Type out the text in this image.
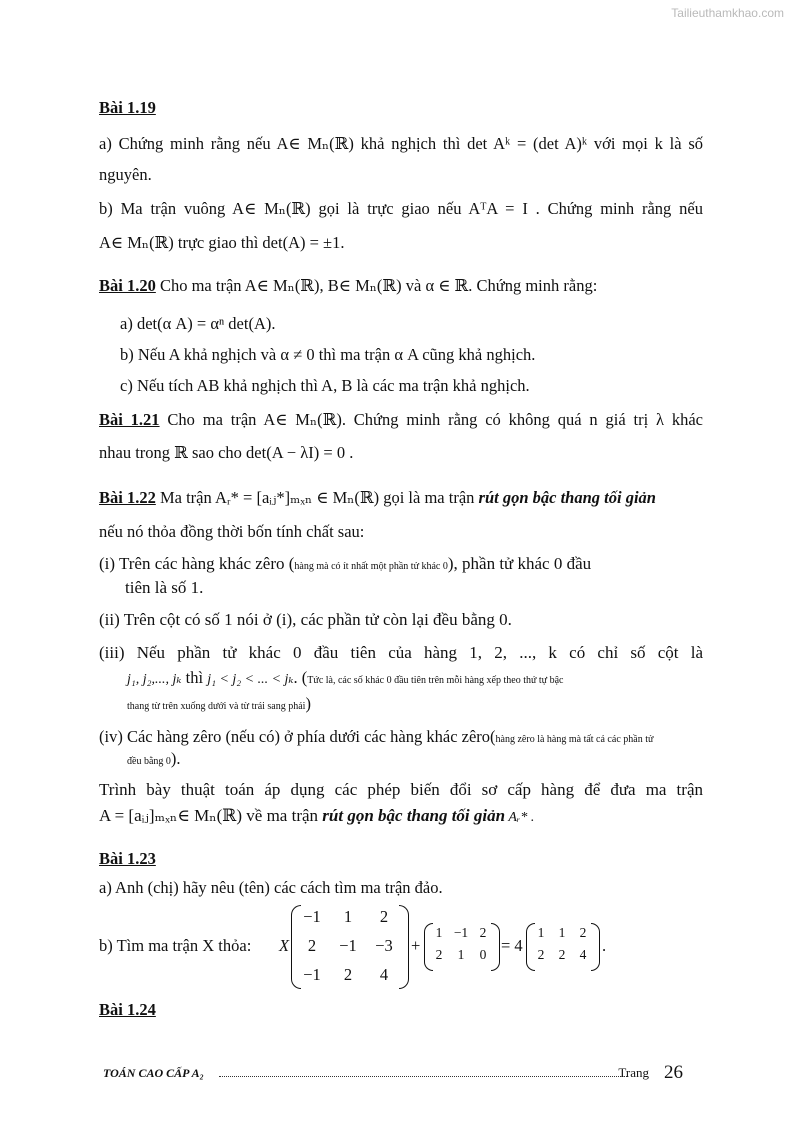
Tailieuthamkhao.com
Bài 1.19
a) Chứng minh rằng nếu A∈ Mₙ(ℝ) khả nghịch thì det Aᵏ = (det A)ᵏ với mọi k là số
nguyên.
b) Ma trận vuông A∈ Mₙ(ℝ) gọi là trực giao nếu AᵀA = I . Chứng minh rằng nếu
A∈ Mₙ(ℝ) trực giao thì det(A) = ±1.
Bài 1.20 Cho ma trận A∈ Mₙ(ℝ), B∈ Mₙ(ℝ) và α ∈ ℝ. Chứng minh rằng:
a) det(α A) = αⁿ det(A).
b) Nếu A khả nghịch và α ≠ 0 thì ma trận α A cũng khả nghịch.
c) Nếu tích AB khả nghịch thì A, B là các ma trận khả nghịch.
Bài 1.21 Cho ma trận A∈ Mₙ(ℝ). Chứng minh rằng có không quá n giá trị λ khác
nhau trong ℝ sao cho det(A − λI) = 0 .
Bài 1.22 Ma trận Aᵣ* = [aᵢⱼ*]ₘₓₙ ∈ Mₙ(ℝ) gọi là ma trận rút gọn bậc thang tối giản
nếu nó thỏa đồng thời bốn tính chất sau:
(i) Trên các hàng khác zêro (hàng mà có ít nhất một phần tử khác 0), phần tử khác 0 đầu
tiên là số 1.
(ii) Trên cột có số 1 nói ở (i), các phần tử còn lại đều bằng 0.
(iii) Nếu phần tử khác 0 đầu tiên của hàng 1, 2, ..., k có chỉ số cột là
j₁, j₂,..., jₖ thì j₁ < j₂ < ... < jₖ. (Tức là, các số khác 0 đầu tiên trên mỗi hàng xếp theo thứ tự bậc
thang từ trên xuống dưới và từ trái sang phải)
(iv) Các hàng zêro (nếu có) ở phía dưới các hàng khác zêro(hàng zêro là hàng mà tất cả các phần tử
đều bằng 0).
Trình bày thuật toán áp dụng các phép biến đổi sơ cấp hàng để đưa ma trận
A = [aᵢⱼ]ₘₓₙ∈ Mₙ(ℝ) về ma trận rút gọn bậc thang tối giản Aᵣ* .
Bài 1.23
a) Anh (chị) hãy nêu (tên) các cách tìm ma trận đảo.
b) Tìm ma trận X thỏa: X
−1	1	2
2	−1	−3
−1	2	4
+
1 −1 2
2	1	0 = 4
1	1	2
2	2	4 .
Bài 1.24
TOÁN CAO CẤP A₂	Trang 26
